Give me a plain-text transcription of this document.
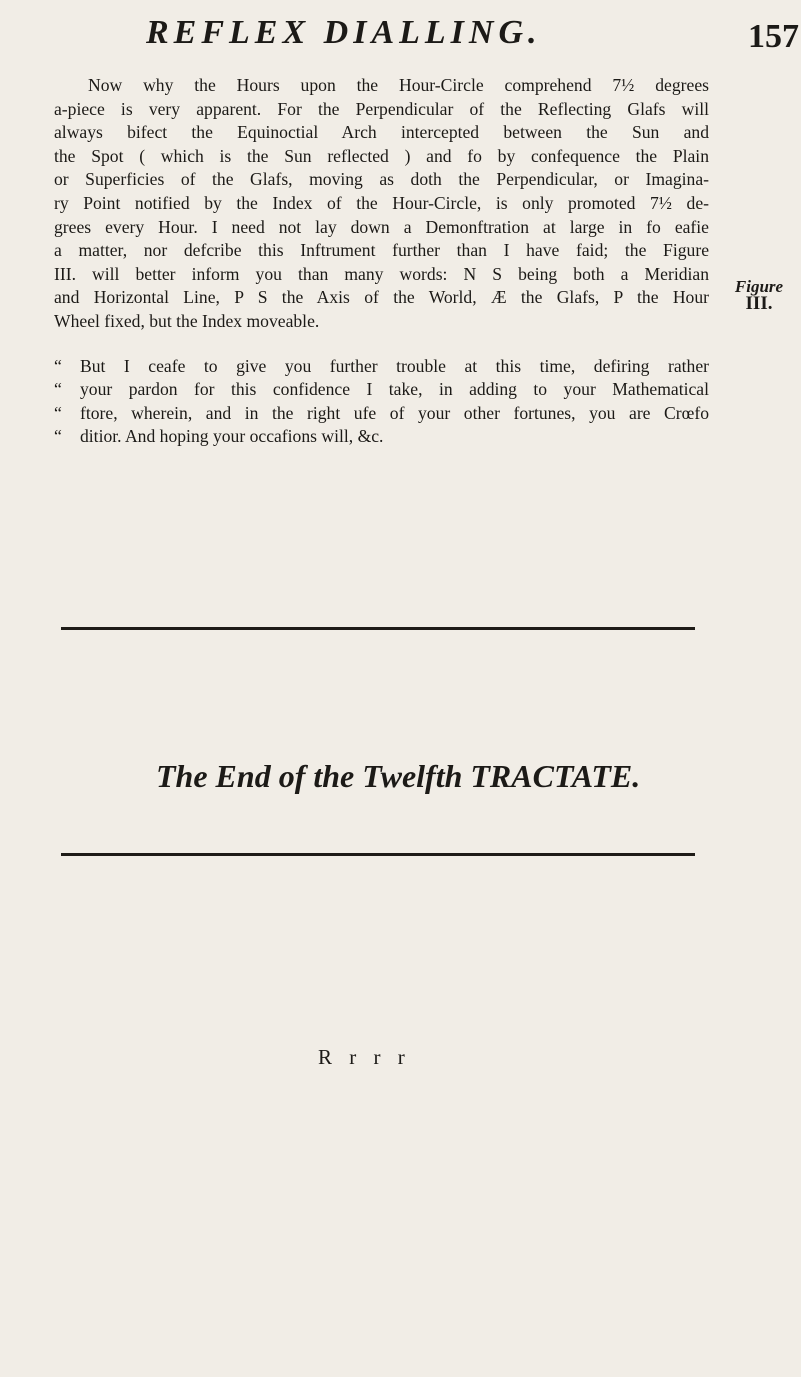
REFLEX DIALLING.	157
Now why the Hours upon the Hour-Circle comprehend 7½ degrees
a-piece is very apparent. For the Perpendicular of the Reflecting Glafs will
always bifect the Equinoctial Arch intercepted between the Sun and
the Spot ( which is the Sun reflected ) and fo by confequence the Plain
or Superficies of the Glafs, moving as doth the Perpendicular, or Imagina-
ry Point notified by the Index of the Hour-Circle, is only promoted 7½ de-
grees every Hour. I need not lay down a Demonftration at large in fo eafie
a matter, nor defcribe this Inftrument further than I have faid; the Figure
III. will better inform you than many words: N S being both a Meridian
and Horizontal Line, P S the Axis of the World, Æ the Glafs, P the Hour
Wheel fixed, but the Index moveable.
“	But I ceafe to give you further trouble at this time, defiring rather
“	your pardon for this confidence I take, in adding to your Mathematical
“	ftore, wherein, and in the right ufe of your other fortunes, you are Crœfo
“	ditior. And hoping your occafions will, &c.
Figure
III.
The End of the Twelfth TRACTATE.
R r r r
